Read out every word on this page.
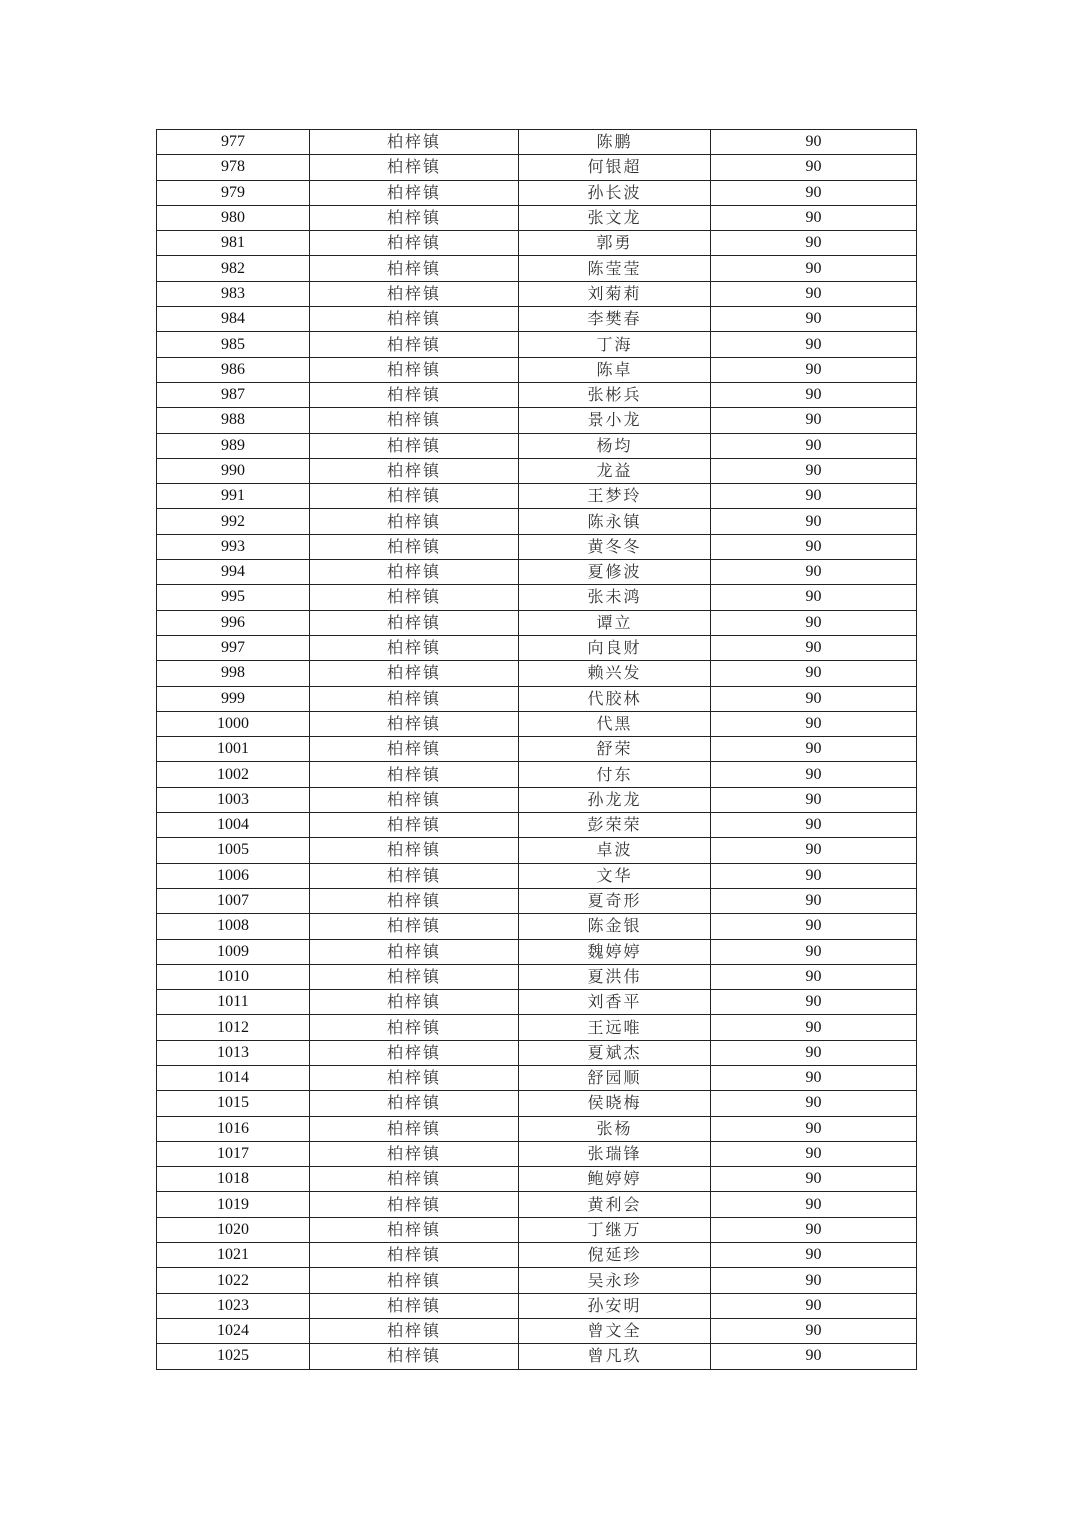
977	柏梓镇	陈鹏	90
978	柏梓镇	何银超	90
979	柏梓镇	孙长波	90
980	柏梓镇	张文龙	90
981	柏梓镇	郭勇	90
982	柏梓镇	陈莹莹	90
983	柏梓镇	刘菊莉	90
984	柏梓镇	李樊春	90
985	柏梓镇	丁海	90
986	柏梓镇	陈卓	90
987	柏梓镇	张彬兵	90
988	柏梓镇	景小龙	90
989	柏梓镇	杨均	90
990	柏梓镇	龙益	90
991	柏梓镇	王梦玲	90
992	柏梓镇	陈永镇	90
993	柏梓镇	黄冬冬	90
994	柏梓镇	夏修波	90
995	柏梓镇	张未鸿	90
996	柏梓镇	谭立	90
997	柏梓镇	向良财	90
998	柏梓镇	赖兴发	90
999	柏梓镇	代胶林	90
1000	柏梓镇	代黑	90
1001	柏梓镇	舒荣	90
1002	柏梓镇	付东	90
1003	柏梓镇	孙龙龙	90
1004	柏梓镇	彭荣荣	90
1005	柏梓镇	卓波	90
1006	柏梓镇	文华	90
1007	柏梓镇	夏奇形	90
1008	柏梓镇	陈金银	90
1009	柏梓镇	魏婷婷	90
1010	柏梓镇	夏洪伟	90
1011	柏梓镇	刘香平	90
1012	柏梓镇	王远唯	90
1013	柏梓镇	夏斌杰	90
1014	柏梓镇	舒园顺	90
1015	柏梓镇	侯晓梅	90
1016	柏梓镇	张杨	90
1017	柏梓镇	张瑞锋	90
1018	柏梓镇	鲍婷婷	90
1019	柏梓镇	黄利会	90
1020	柏梓镇	丁继万	90
1021	柏梓镇	倪延珍	90
1022	柏梓镇	吴永珍	90
1023	柏梓镇	孙安明	90
1024	柏梓镇	曾文全	90
1025	柏梓镇	曾凡玖	90
